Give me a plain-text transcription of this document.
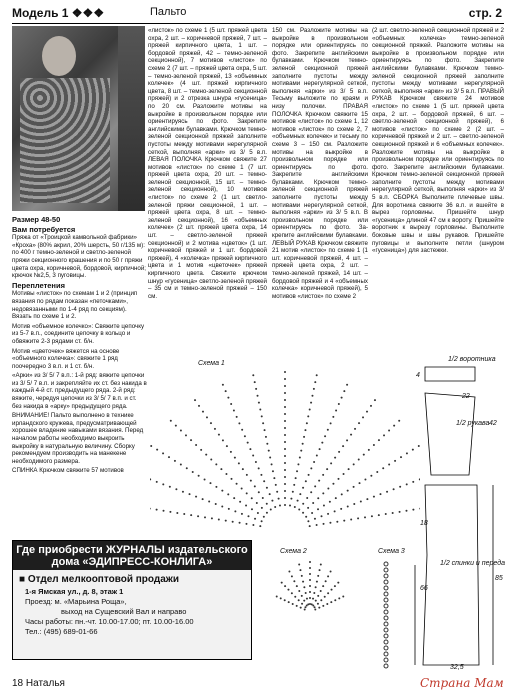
Модель 1 ❖❖❖	Пальто	стр. 2
Размер 48-50
Вам потребуется

Пряжа от «Троицкой камвольной фабрики» «Кроха» (80% акрил, 20% шерсть, 50 г/135 м): по 400 г темно-зеленой и светло-зеленой пряжи секционного крашения и по 50 г пряжи цвета охра, коричневой, бордовой, кирпичной; крючок №2,5, 3 пуговицы.

Переплетения

Мотивы «листок» по схемам 1 и 2 (принцип вязания по рядам показан «петочками», недовязанными по 1-4 ряд по секциям). Вязать по схеме 1 и 2.

Мотив «объемное колечко»: Свяжите цепочку из 5-7 в.п., соедините цепочку в кольцо и обвяжите 2-3 рядами ст. б/н.

Мотив «цветочек» вяжется на основе «объемного колечка»: свяжите 1 ряд поочередно 3 в.п. и 1 ст. б/н.

«Арки» из 3/ 5/ 7 в.п.: 1-й ряд: вяжите цепочки из 3/ 5/ 7 в.п. и закрепляйте их ст. без накида в каждый 4-й ст. предыдущего ряда. 2-й ряд: вяжите, чередуя цепочки из 3/ 5/ 7 в.п. и ст. без накида в «арку» предыдущего ряда.

ВНИМАНИЕ! Пальто выполнено в технике ирландского кружева, предусматривающей хорошее владение навыками вязания. Перед началом работы необходимо выкроить выкройку в натуральную величину. Сборку рекомендуем производить на манекене необходимого размера.

СПИНКА Крючком свяжите 57 мотивов

«листок» по схеме 1 (5 шт. пряжей цвета охра, 2 шт. – коричневой пряжей, 7 шт. – пряжей кирпичного цвета, 1 шт. – бордовой пряжей, 42 – темно-зеленой секционной), 7 мотивов «листок» по схеме 2 (7 шт. – пряжей цвета охра, 5 шт. – темно-зеленой пряжей, 13 «объемных колечек» (4 шт. пряжей кирпичного цвета, 8 шт. – темно-зеленой секционной пряжей) и 2 отрезка шнура «гусеница» по 20 см. Разложите мотивы на выкройке в произвольном порядке или ориентируясь по фото. Закрепите английскими булавками. Крючком темно-зеленой секционной пряжей заполните пустоты между мотивами нерегулярной сеткой, выполняя «арки» из 3/ 5 в.п. ЛЕВАЯ ПОЛОЧКА Крючком свяжите 27 мотивов «листок» по схеме 1 (7 шт. пряжей цвета охра, 20 шт. – темно-зеленой секционной, 15 шт. – темно-зеленой секционной), 10 мотивов «листок» по схеме 2 (1 шт. светло-зеленой пряжи секционной, 1 шт. – пряжей цвета охра, 8 шт. – темно-зеленой секционной), 16 «объемных колечек» (2 шт. пряжей цвета охра, 14 шт. – светло-зеленой пряжей секционной) и 2 мотива «цветок» (1 шт. коричневой пряжей и 1 шт. бордовой пряжей), 4 «колечка» пряжей кирпичного цвета и 1 мотив «цветочек» пряжей кирпичного цвета. Свяжите крючком шнур «гусеница» светло-зеленой пряжей – 35 см и темно-зеленой пряжей – 150 см.

150 см. Разложите мотивы на выкройке в произвольном порядке или ориентируясь по фото. Закрепите английскими булавками. Крючком темно-зеленой секционной пряжей заполните пустоты между мотивами нерегулярной сеткой, выполняя «арки» из 3/ 5 в.п. Тесьму выложите по краям и низу полочки. ПРАВАЯ ПОЛОЧКА Крючком свяжите 15 мотивов «листок» по схеме 1, 12 мотивов «листок» по схеме 2, 7 «объемных колечек» и тесьму по схеме 3 – 150 см. Разложите мотивы на выкройке в произвольном порядке или ориентируясь по фото. Закрепите английскими булавками. Крючком темно-зеленой секционной пряжей заполните пустоты между мотивами нерегулярной сеткой, выполняя «арки» из 3/ 5 в.п. В произвольном порядке или ориентируясь по фото. Закрепите английскими булавками. ЛЕВЫЙ РУКАВ Крючком свяжите 21 мотив «листок» по схеме 1 (1 шт. коричневой пряжей, 4 шт. – пряжей цвета охра, 2 шт. – темно-зеленой пряжей, 14 шт. – бордовой пряжей и 4 «объемных колечка» коричневой пряжей), 5 мотивов «листок» по схеме 2

(2 шт. светло-зеленой секционной пряжей и 2 «объемных колечка» темно-зеленой секционной пряжей. Разложите мотивы на выкройке в произвольном порядке или ориентируясь по фото. Закрепите английскими булавками. Крючком темно-зеленой секционной пряжей заполните пустоты между мотивами нерегулярной сеткой, выполняя «арки» из 3/ 5 в.п. ПРАВЫЙ РУКАВ Крючком свяжите 24 мотивов «листок» по схеме 1 (5 шт. пряжей цвета охра, 2 шт. – бордовой пряжей, 6 шт. – светло-зеленой секционной пряжей), 6 мотивов «листок» по схеме 2 (2 шт. – коричневой пряжей и 2 шт. – светло-зеленой секционной пряжей и 6 «объемных колечек». Разложите мотивы на выкройке в произвольном порядке или ориентируясь по фото. Закрепите английскими булавками. Крючком темно-зеленой секционной пряжей заполните пустоты между мотивами нерегулярной сеткой, выполняя «арки» из 3/ 5 в.п. СБОРКА Выполните плечевые швы. Для воротника свяжите 36 в.п. и вшейте в вырез горловины. Пришейте шнур «гусеница» длиной 47 см к вороту. Пришейте воротник к вырезу горловины. Выполните боковые швы и швы рукавов. Пришейте пуговицы и выполните петли (шнуром «гусеница») для застежки.

Схема 1
Схема 2	Схема 3
1/2 воротника
4
22
1/2 рукава 42
1/2 спинки и переда
85
66
18
32,5
Где приобрести ЖУРНАЛЫ издательского дома «ЭДИПРЕСС-КОНЛИГА»
■ Отдел мелкооптовой продажи
1-я Ямская ул., д. 8, этаж 1
Проезд: м. «Марьина Роща»,
выход на Сущевский Вал и направо
Часы работы: пн.-чт. 10.00-17.00; пт. 10.00-16.00
Тел.: (495) 689-01-66
18 Наталья	Страна Мам
